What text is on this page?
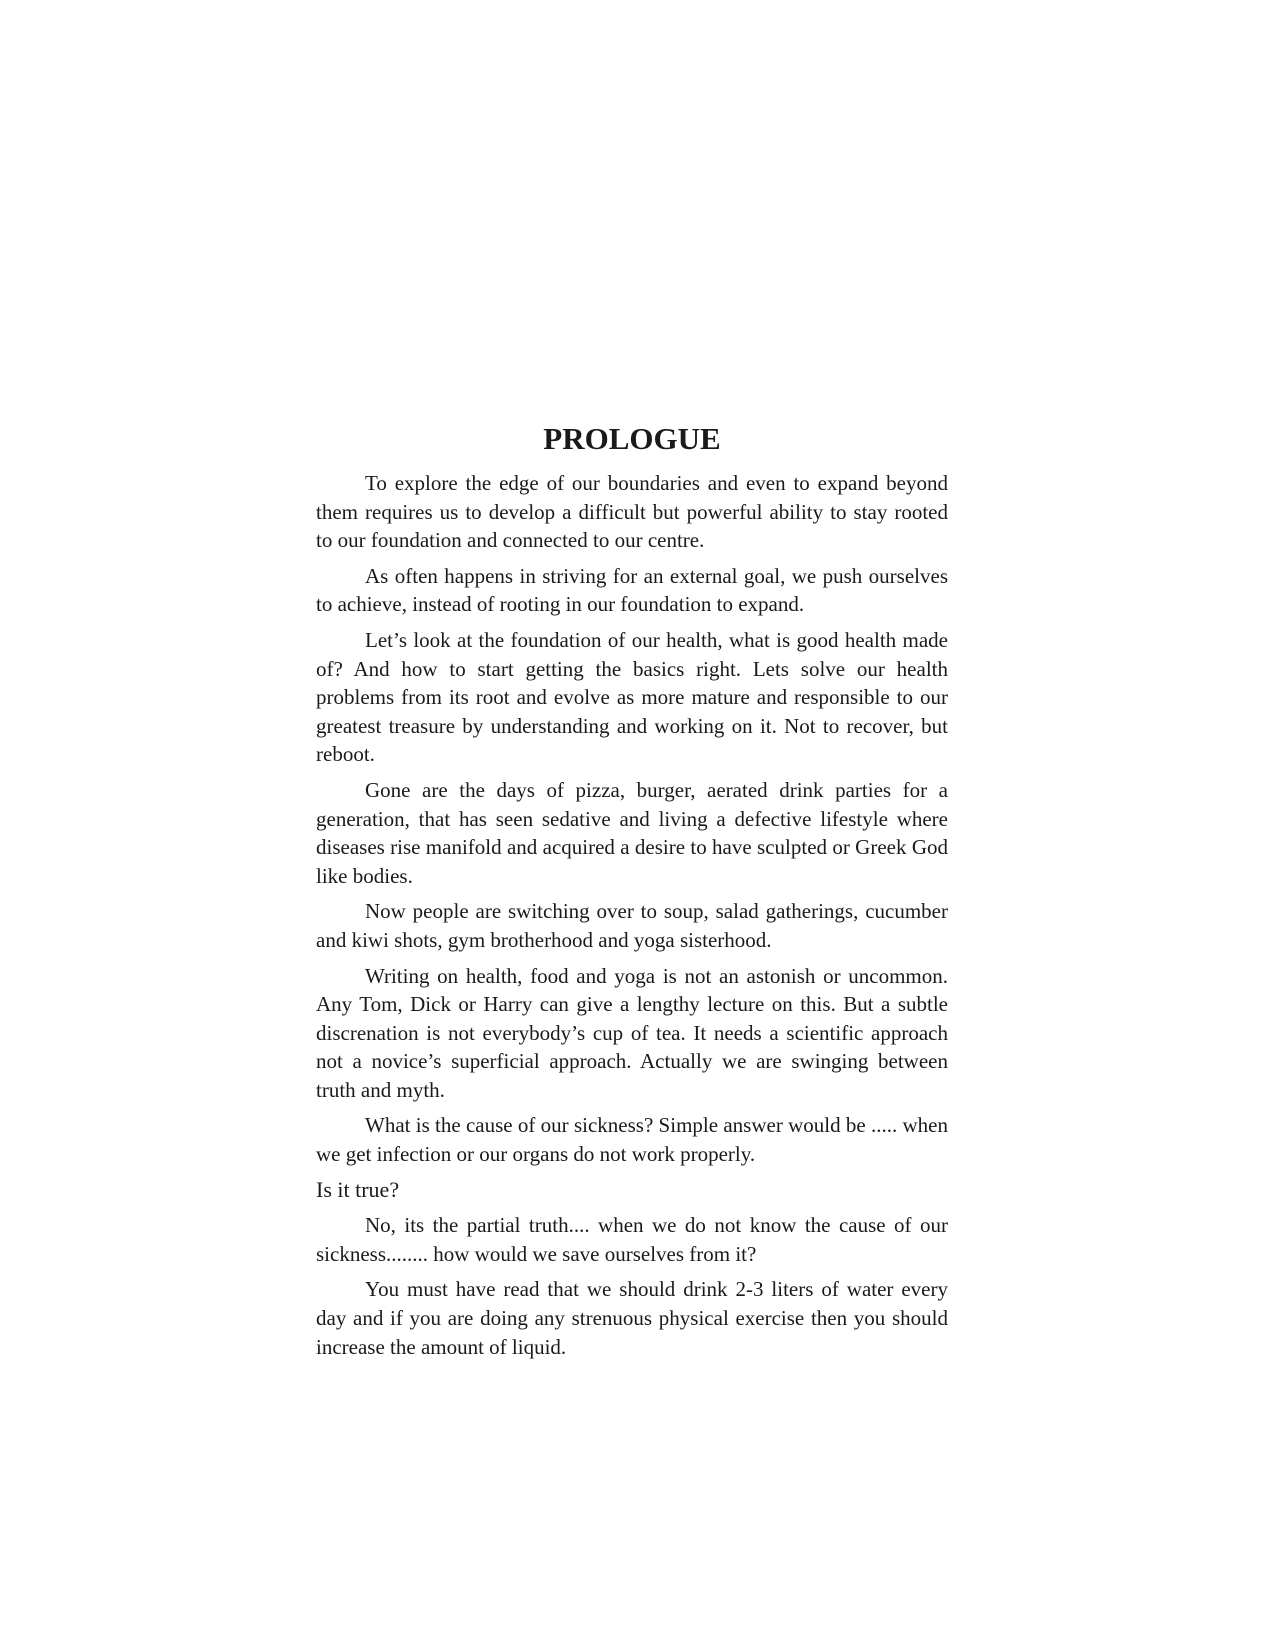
PROLOGUE

To explore the edge of our boundaries and even to expand beyond them requires us to develop a difficult but powerful ability to stay rooted to our foundation and connected to our centre.

As often happens in striving for an external goal, we push ourselves to achieve, instead of rooting in our foundation to expand.

Let’s look at the foundation of our health, what is good health made of? And how to start getting the basics right. Lets solve our health problems from its root and evolve as more mature and responsible to our greatest treasure by understanding and working on it. Not to recover, but reboot.

Gone are the days of pizza, burger, aerated drink parties for a generation, that has seen sedative and living a defective lifestyle where diseases rise manifold and acquired a desire to have sculpted or Greek God like bodies.

Now people are switching over to soup, salad gatherings, cucumber and kiwi shots, gym brotherhood and yoga sisterhood.

Writing on health, food and yoga is not an astonish or uncommon. Any Tom, Dick or Harry can give a lengthy lecture on this. But a subtle discrenation is not everybody’s cup of tea. It needs a scientific approach not a novice’s superficial approach. Actually we are swinging between truth and myth.

What is the cause of our sickness? Simple answer would be ..... when we get infection or our organs do not work properly.

Is it true?

No, its the partial truth.... when we do not know the cause of our sickness........ how would we save ourselves from it?

You must have read that we should drink 2-3 liters of water every day and if you are doing any strenuous physical exercise then you should increase the amount of liquid.
